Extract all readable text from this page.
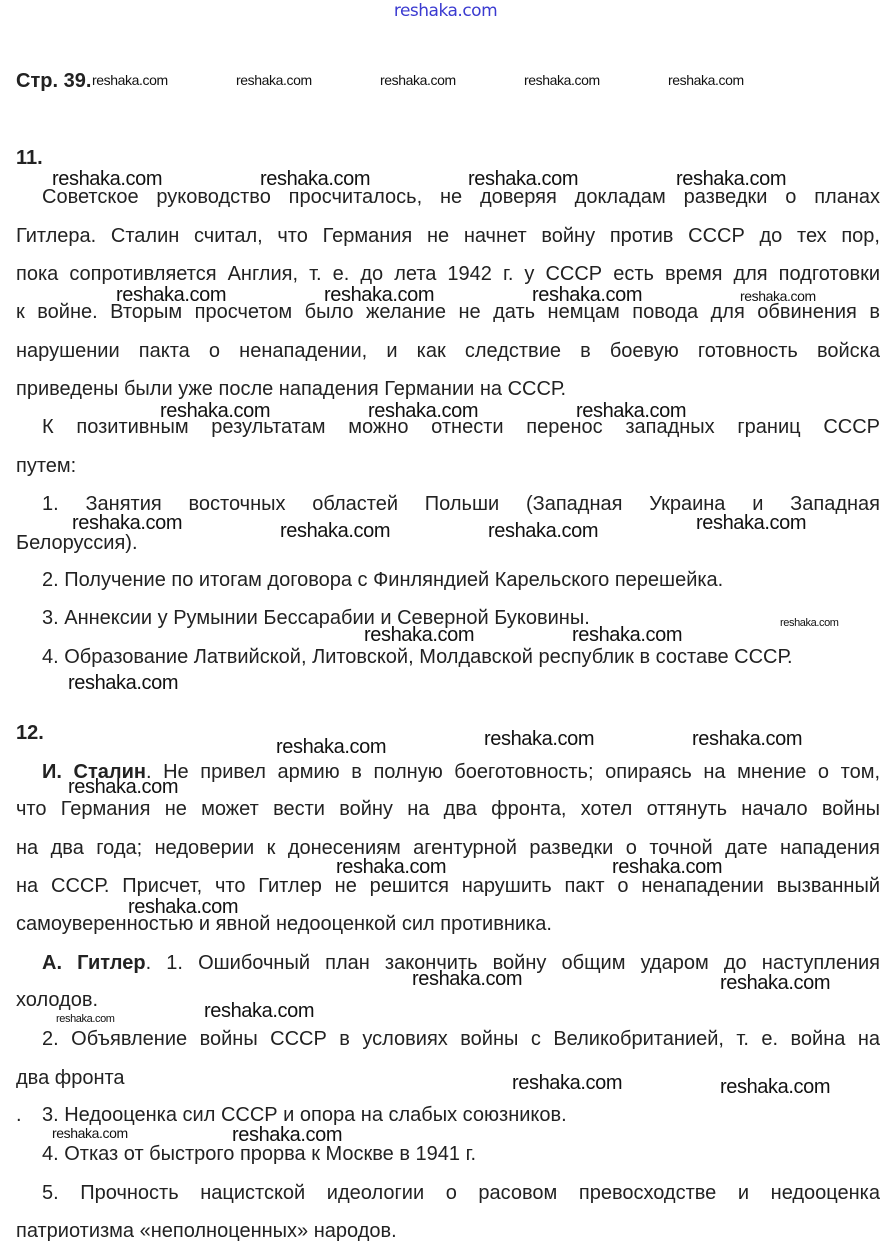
reshaka.com
Стр. 39. reshaka.com	reshaka.com	reshaka.com	reshaka.com	reshaka.com
11.
reshaka.com	reshaka.com	reshaka.com	reshaka.com
Советское руководство просчиталось, не доверяя докладам разведки о планах
Гитлера. Сталин считал, что Германия не начнет войну против СССР до тех пор,
пока сопротивляется Англия, т. е. до лета 1942 г. у СССР есть время для подготовки
reshaka.com	reshaka.com	reshaka.com	reshaka.com
к войне. Вторым просчетом было желание не дать немцам повода для обвинения в
нарушении пакта о ненападении, и как следствие в боевую готовность войска
приведены были уже после нападения Германии на СССР.
reshaka.com	reshaka.com	reshaka.com
К позитивным результатам можно отнести перенос западных границ СССР
путем:
1. Занятия восточных областей Польши (Западная Украина и Западная
reshaka.com	reshaka.com	reshaka.com	reshaka.com
Белоруссия).
2. Получение по итогам договора с Финляндией Карельского перешейка.
3. Аннексии у Румынии Бессарабии и Северной Буковины.	reshaka.com
reshaka.com	reshaka.com
4. Образование Латвийской, Литовской, Молдавской республик в составе СССР.
reshaka.com
12.
reshaka.com	reshaka.com	reshaka.com
И. Сталин. Не привел армию в полную боеготовность; опираясь на мнение о том,
reshaka.com
что Германия не может вести войну на два фронта, хотел оттянуть начало войны
на два года; недоверии к донесениям агентурной разведки о точной дате нападения
reshaka.com	reshaka.com
на СССР. Присчет, что Гитлер не решится нарушить пакт о ненападении вызванный
reshaka.com
самоуверенностью и явной недооценкой сил противника.
А. Гитлер. 1. Ошибочный план закончить войну общим ударом до наступления
reshaka.com	reshaka.com
холодов.	reshaka.com
reshaka.com
2. Объявление войны СССР в условиях войны с Великобританией, т. е. война на
два фронта	reshaka.com	reshaka.com
. 3. Недооценка сил СССР и опора на слабых союзников.
reshaka.com	reshaka.com
4. Отказ от быстрого прорва к Москве в 1941 г.
5. Прочность нацистской идеологии о расовом превосходстве и недооценка
патриотизма «неполноценных» народов.
